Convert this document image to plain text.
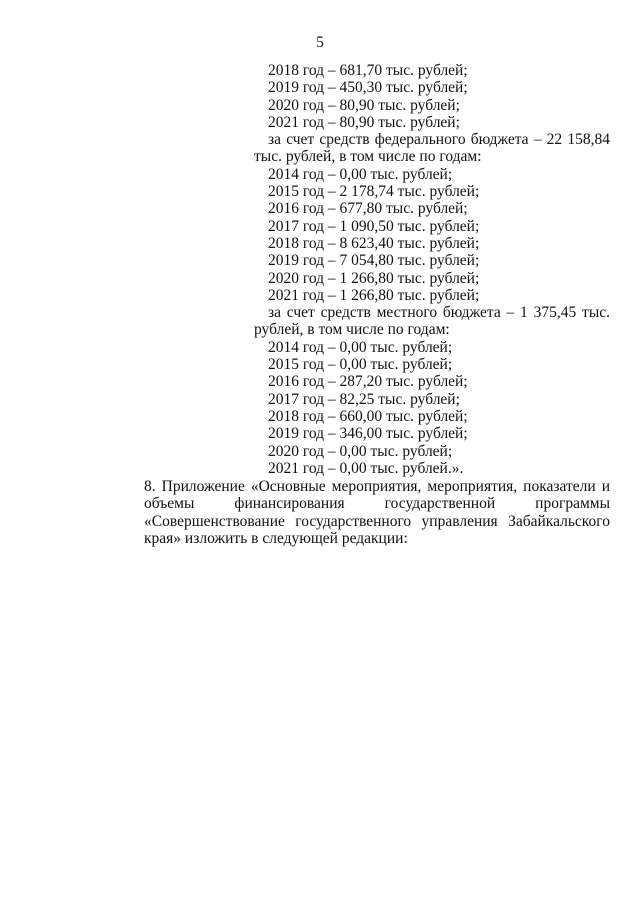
5
2018 год – 681,70 тыс. рублей;
2019 год – 450,30 тыс. рублей;
2020 год – 80,90 тыс. рублей;
2021 год – 80,90 тыс. рублей;
за счет средств федерального бюджета – 22 158,84
тыс. рублей, в том числе по годам:
2014 год – 0,00 тыс. рублей;
2015 год – 2 178,74 тыс. рублей;
2016 год – 677,80 тыс. рублей;
2017 год – 1 090,50 тыс. рублей;
2018 год – 8 623,40 тыс. рублей;
2019 год – 7 054,80 тыс. рублей;
2020 год – 1 266,80 тыс. рублей;
2021 год – 1 266,80 тыс. рублей;
за счет средств местного бюджета – 1 375,45 тыс.
рублей, в том числе по годам:
2014 год – 0,00 тыс. рублей;
2015 год – 0,00 тыс. рублей;
2016 год – 287,20 тыс. рублей;
2017 год – 82,25 тыс. рублей;
2018 год – 660,00 тыс. рублей;
2019 год – 346,00 тыс. рублей;
2020 год – 0,00 тыс. рублей;
2021 год – 0,00 тыс. рублей.».
8. Приложение «Основные мероприятия, мероприятия, показатели и объемы финансирования государственной программы «Совершенствование государственного управления Забайкальского края» изложить в следующей редакции:
